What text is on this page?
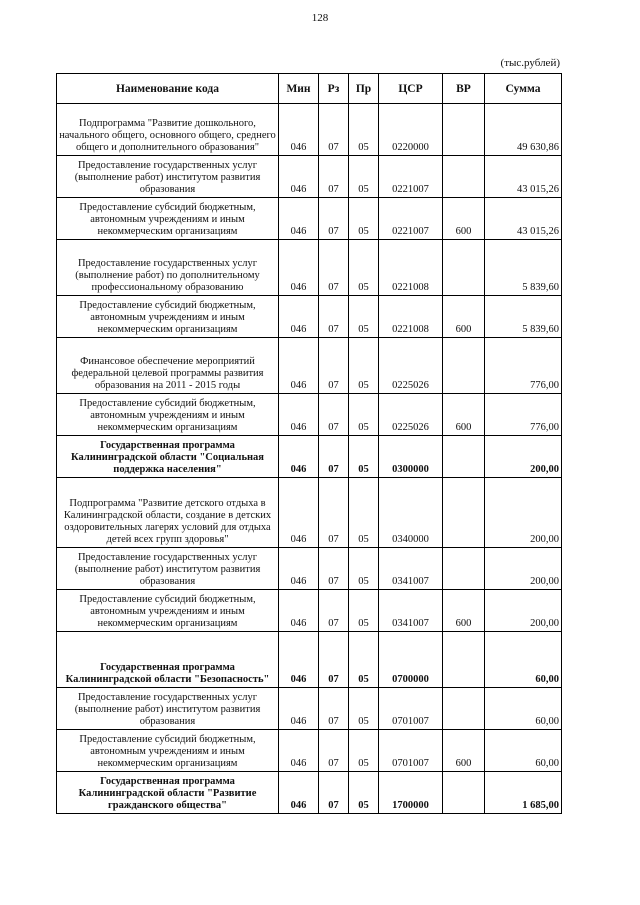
128
(тыс.рублей)
Наименование кода	Мин	Рз	Пр	ЦСР	ВР	Сумма
Подпрограмма "Развитие дошкольного, начального общего, основного общего, среднего общего и дополнительного образования"	046	07	05	0220000		49 630,86
Предоставление государственных услуг (выполнение работ) институтом развития образования	046	07	05	0221007		43 015,26
Предоставление субсидий бюджетным, автономным учреждениям и иным некоммерческим организациям	046	07	05	0221007	600	43 015,26
Предоставление государственных услуг (выполнение работ) по дополнительному профессиональному образованию	046	07	05	0221008		5 839,60
Предоставление субсидий бюджетным, автономным учреждениям и иным некоммерческим организациям	046	07	05	0221008	600	5 839,60
Финансовое обеспечение мероприятий федеральной целевой программы развития образования на 2011 - 2015 годы	046	07	05	0225026		776,00
Предоставление субсидий бюджетным, автономным учреждениям и иным некоммерческим организациям	046	07	05	0225026	600	776,00
Государственная программа Калининградской области "Социальная поддержка населения"	046	07	05	0300000		200,00
Подпрограмма "Развитие детского отдыха в Калининградской области, создание в детских оздоровительных лагерях условий для отдыха детей всех групп здоровья"	046	07	05	0340000		200,00
Предоставление государственных услуг (выполнение работ) институтом развития образования	046	07	05	0341007		200,00
Предоставление субсидий бюджетным, автономным учреждениям и иным некоммерческим организациям	046	07	05	0341007	600	200,00
Государственная программа Калининградской области "Безопасность"	046	07	05	0700000		60,00
Предоставление государственных услуг (выполнение работ) институтом развития образования	046	07	05	0701007		60,00
Предоставление субсидий бюджетным, автономным учреждениям и иным некоммерческим организациям	046	07	05	0701007	600	60,00
Государственная программа Калининградской области "Развитие гражданского общества"	046	07	05	1700000		1 685,00
